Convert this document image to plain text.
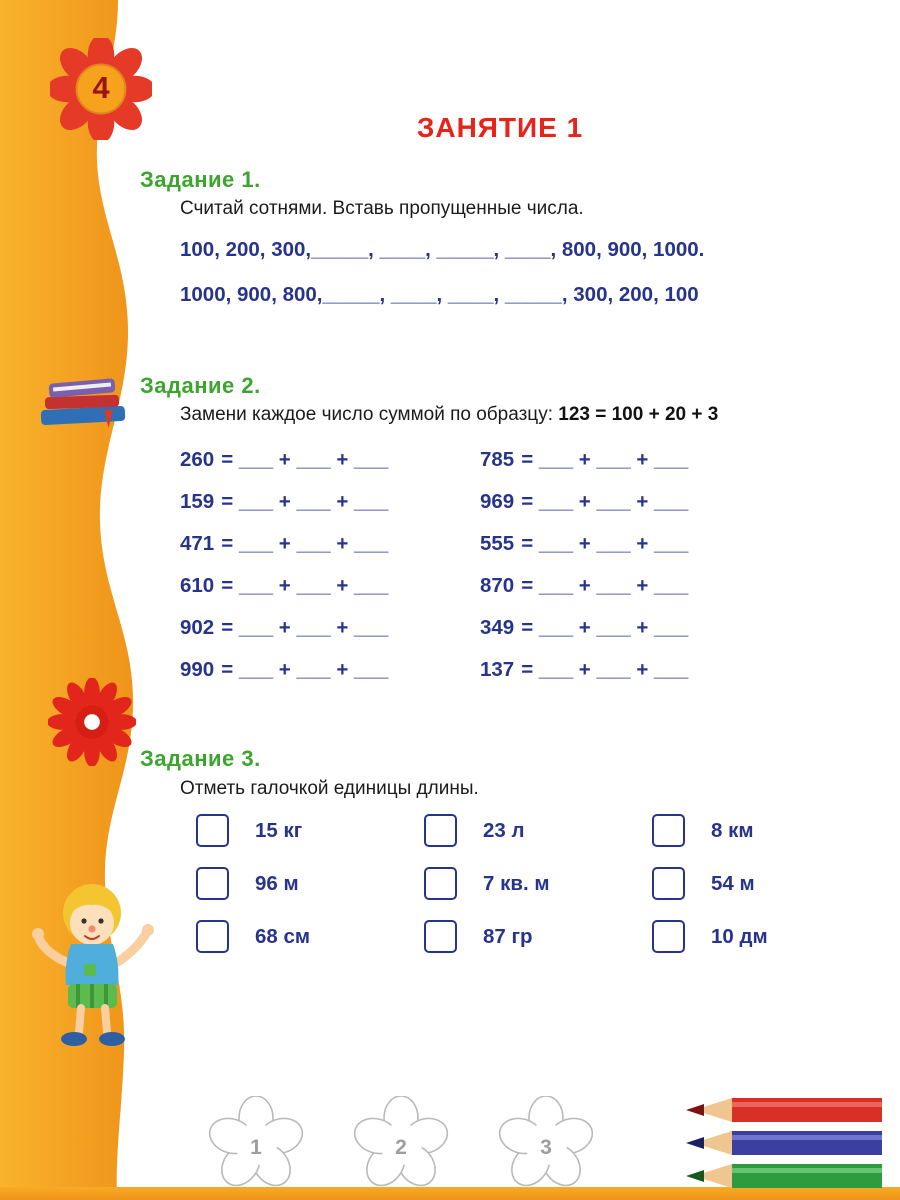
4
ЗАНЯТИЕ 1
Задание 1.
Считай сотнями. Вставь пропущенные числа.
100, 200, 300,_____, ____, _____, ____, 800, 900, 1000.
1000, 900, 800,_____, ____, ____, _____, 300, 200, 100
Задание 2.
Замени каждое число суммой по образцу: 123 = 100 + 20 + 3
260 = ___ + ___ + ___	785 = ___ + ___ + ___
159 = ___ + ___ + ___	969 = ___ + ___ + ___
471 = ___ + ___ + ___	555 = ___ + ___ + ___
610 = ___ + ___ + ___	870 = ___ + ___ + ___
902 = ___ + ___ + ___	349 = ___ + ___ + ___
990 = ___ + ___ + ___	137 = ___ + ___ + ___
Задание 3.
Отметь галочкой единицы длины.
15 кг	23 л	8 км
96 м	7 кв. м	54 м
68 см	87 гр	10 дм
1	2	3
